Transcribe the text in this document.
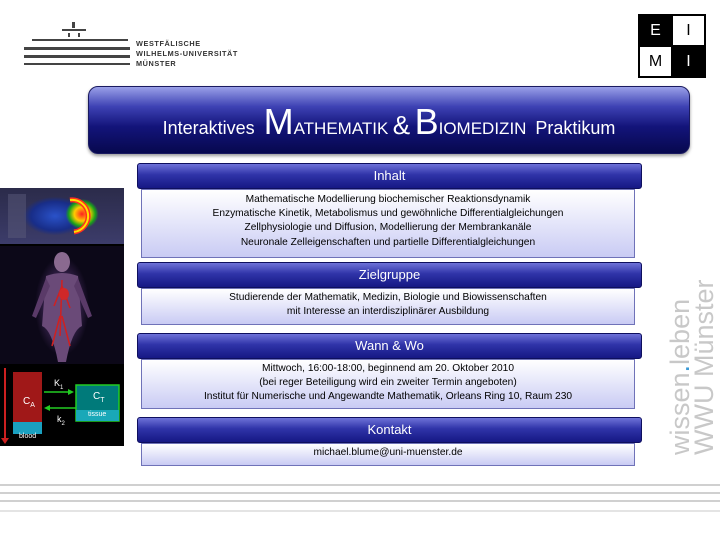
WESTFÄLISCHE
WILHELMS-UNIVERSITÄT
MÜNSTER
E	I
M	I
Interaktives MATHEMATIK & BIOMEDIZIN Praktikum
Inhalt
Mathematische Modellierung biochemischer Reaktionsdynamik
Enzymatische Kinetik, Metabolismus und gewöhnliche Differentialgleichungen
Zellphysiologie und Diffusion, Modellierung der Membrankanäle
Neuronale Zelleigenschaften und partielle Differentialgleichungen
Zielgruppe
Studierende der Mathematik, Medizin, Biologie und Biowissenschaften
mit Interesse an interdisziplinärer Ausbildung
Wann & Wo
Mittwoch, 16:00-18:00, beginnend am 20. Oktober 2010
(bei reger Beteiligung wird ein zweiter Termin angeboten)
Institut für Numerische und Angewandte Mathematik, Orleans Ring 10, Raum 230
Kontakt
michael.blume@uni-muenster.de
$C_A$
blood
$C_T$
tissue
$K_1$
$k_2$	wissen.leben
WWU Münster
